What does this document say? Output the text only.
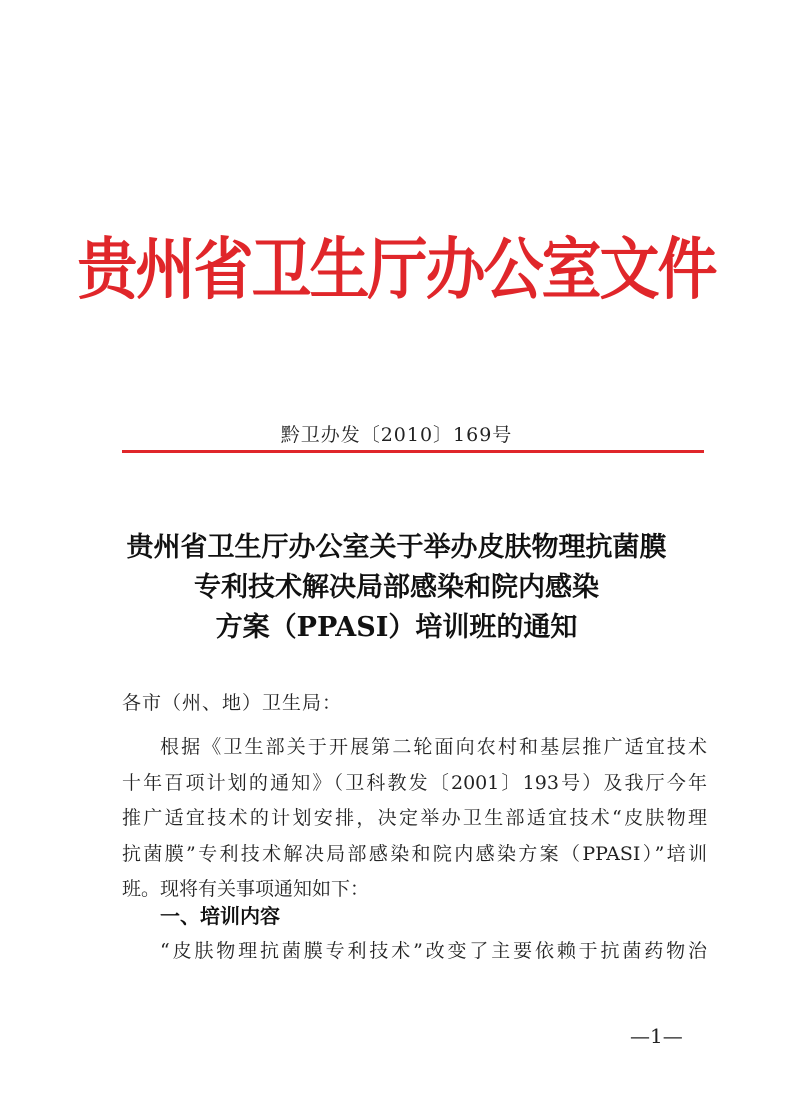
贵州省卫生厅办公室文件
黔卫办发〔2010〕169号
贵州省卫生厅办公室关于举办皮肤物理抗菌膜
专利技术解决局部感染和院内感染
方案（PPASI）培训班的通知
各市（州、地）卫生局：
根据《卫生部关于开展第二轮面向农村和基层推广适宜技术
十年百项计划的通知》（卫科教发〔2001〕193号）及我厅今年
推广适宜技术的计划安排，决定举办卫生部适宜技术“皮肤物理
抗菌膜”专利技术解决局部感染和院内感染方案（PPASI）”培训
班。现将有关事项通知如下：
一、培训内容
“皮肤物理抗菌膜专利技术”改变了主要依赖于抗菌药物治
—1—
